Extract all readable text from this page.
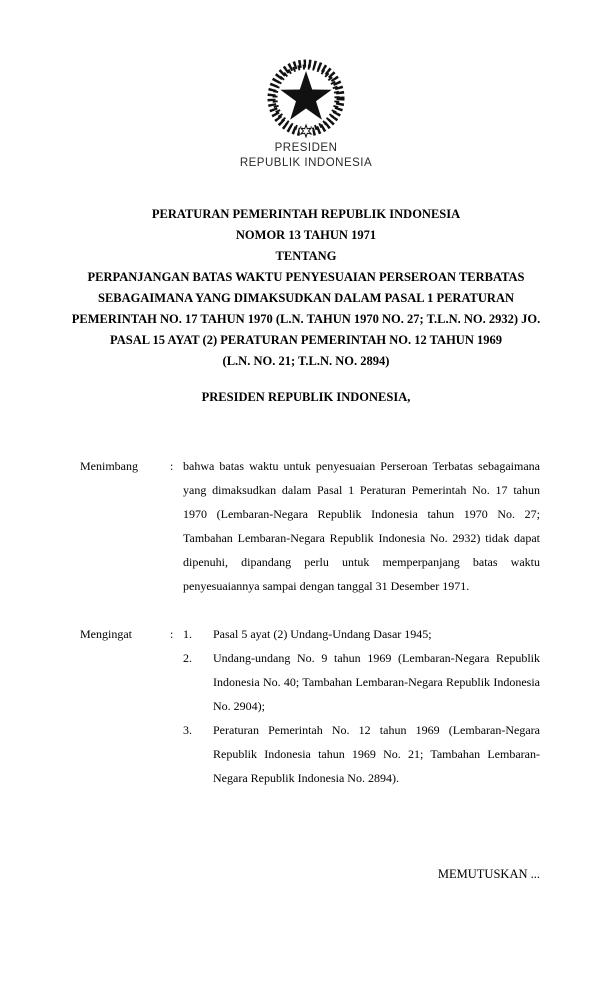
PRESIDEN
REPUBLIK INDONESIA
PERATURAN PEMERINTAH REPUBLIK INDONESIA
NOMOR 13 TAHUN 1971
TENTANG
PERPANJANGAN BATAS WAKTU PENYESUAIAN PERSEROAN TERBATAS
SEBAGAIMANA YANG DIMAKSUDKAN DALAM PASAL 1 PERATURAN
PEMERINTAH NO. 17 TAHUN 1970 (L.N. TAHUN 1970 NO. 27; T.L.N. NO. 2932) JO.
PASAL 15 AYAT (2) PERATURAN PEMERINTAH NO. 12 TAHUN 1969
(L.N. NO. 21; T.L.N. NO. 2894)
PRESIDEN REPUBLIK INDONESIA,
Menimbang	: bahwa batas waktu untuk penyesuaian Perseroan Terbatas sebagaimana yang dimaksudkan dalam Pasal 1 Peraturan Pemerintah No. 17 tahun 1970 (Lembaran-Negara Republik Indonesia tahun 1970 No. 27; Tambahan Lembaran-Negara Republik Indonesia No. 2932) tidak dapat dipenuhi, dipandang perlu untuk memperpanjang batas waktu penyesuaiannya sampai dengan tanggal 31 Desember 1971.
Mengingat	: 1.	Pasal 5 ayat (2) Undang-Undang Dasar 1945;
2.	Undang-undang No. 9 tahun 1969 (Lembaran-Negara Republik Indonesia No. 40; Tambahan Lembaran-Negara Republik Indonesia No. 2904);
3.	Peraturan Pemerintah No. 12 tahun 1969 (Lembaran-Negara Republik Indonesia tahun 1969 No. 21; Tambahan Lembaran-Negara Republik Indonesia No. 2894).
MEMUTUSKAN ...
